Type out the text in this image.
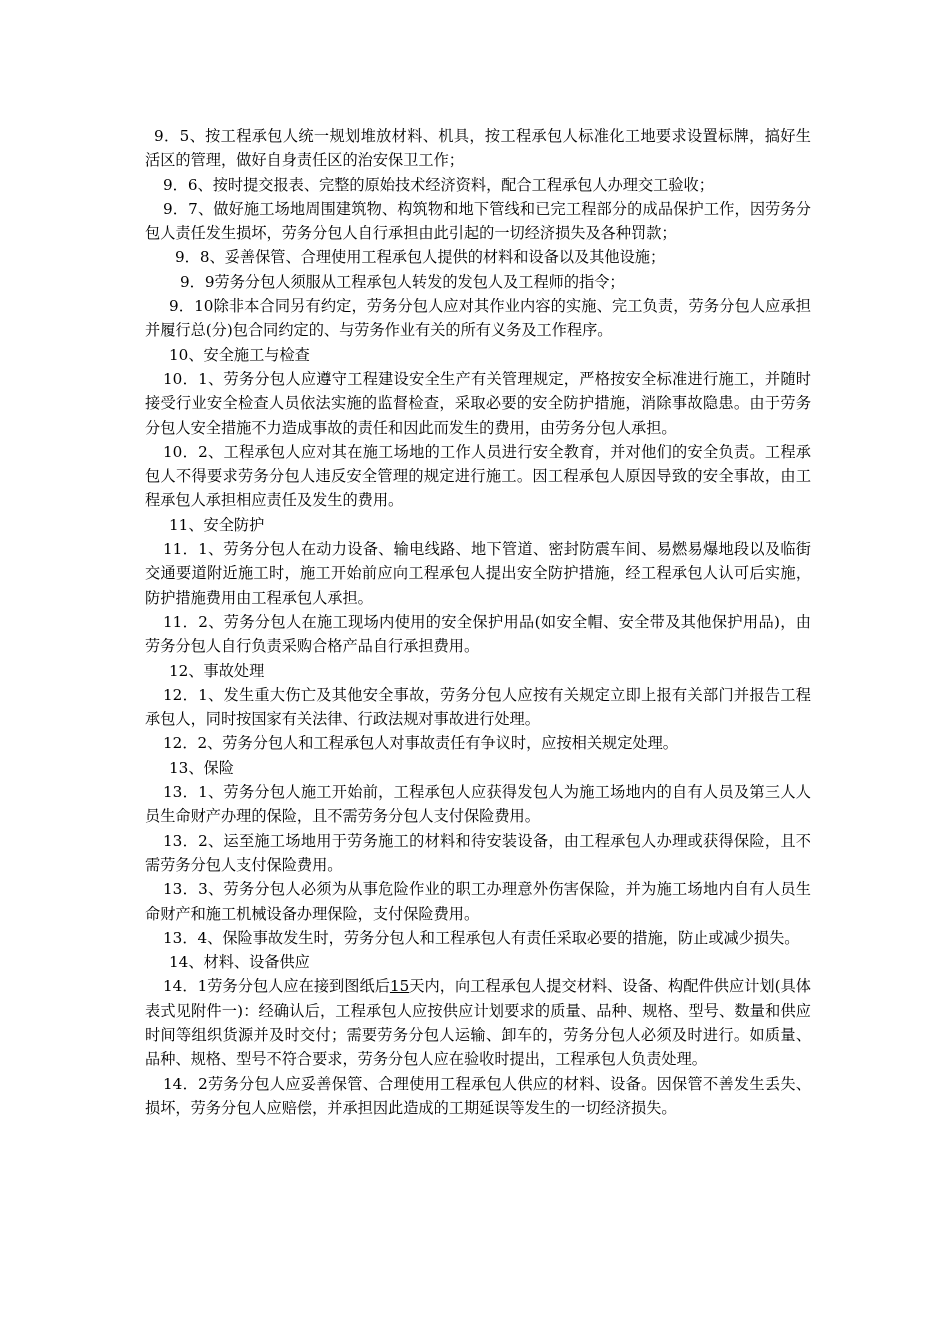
9．5、按工程承包人统一规划堆放材料、机具，按工程承包人标准化工地要求设置标牌，搞好生活区的管理，做好自身责任区的治安保卫工作；

9．6、按时提交报表、完整的原始技术经济资料，配合工程承包人办理交工验收；

9．7、做好施工场地周围建筑物、构筑物和地下管线和已完工程部分的成品保护工作，因劳务分包人责任发生损坏，劳务分包人自行承担由此引起的一切经济损失及各种罚款；

9．8、妥善保管、合理使用工程承包人提供的材料和设备以及其他设施；

9．9劳务分包人须服从工程承包人转发的发包人及工程师的指令；

9．10除非本合同另有约定，劳务分包人应对其作业内容的实施、完工负责，劳务分包人应承担并履行总(分)包合同约定的、与劳务作业有关的所有义务及工作程序。

10、安全施工与检查

10．1、劳务分包人应遵守工程建设安全生产有关管理规定，严格按安全标准进行施工，并随时接受行业安全检查人员依法实施的监督检查，采取必要的安全防护措施，消除事故隐患。由于劳务分包人安全措施不力造成事故的责任和因此而发生的费用，由劳务分包人承担。

10．2、工程承包人应对其在施工场地的工作人员进行安全教育，并对他们的安全负责。工程承包人不得要求劳务分包人违反安全管理的规定进行施工。因工程承包人原因导致的安全事故，由工程承包人承担相应责任及发生的费用。

11、安全防护

11．1、劳务分包人在动力设备、输电线路、地下管道、密封防震车间、易燃易爆地段以及临街交通要道附近施工时，施工开始前应向工程承包人提出安全防护措施，经工程承包人认可后实施，防护措施费用由工程承包人承担。

11．2、劳务分包人在施工现场内使用的安全保护用品(如安全帽、安全带及其他保护用品)，由劳务分包人自行负责采购合格产品自行承担费用。

12、事故处理

12．1、发生重大伤亡及其他安全事故，劳务分包人应按有关规定立即上报有关部门并报告工程承包人，同时按国家有关法律、行政法规对事故进行处理。

12．2、劳务分包人和工程承包人对事故责任有争议时，应按相关规定处理。

13、保险

13．1、劳务分包人施工开始前，工程承包人应获得发包人为施工场地内的自有人员及第三人人员生命财产办理的保险，且不需劳务分包人支付保险费用。

13．2、运至施工场地用于劳务施工的材料和待安装设备，由工程承包人办理或获得保险，且不需劳务分包人支付保险费用。

13．3、劳务分包人必须为从事危险作业的职工办理意外伤害保险，并为施工场地内自有人员生命财产和施工机械设备办理保险，支付保险费用。

13．4、保险事故发生时，劳务分包人和工程承包人有责任采取必要的措施，防止或减少损失。

14、材料、设备供应

14．1劳务分包人应在接到图纸后15天内，向工程承包人提交材料、设备、构配件供应计划(具体表式见附件一)：经确认后，工程承包人应按供应计划要求的质量、品种、规格、型号、数量和供应时间等组织货源并及时交付；需要劳务分包人运输、卸车的，劳务分包人必须及时进行。如质量、品种、规格、型号不符合要求，劳务分包人应在验收时提出，工程承包人负责处理。

14．2劳务分包人应妥善保管、合理使用工程承包人供应的材料、设备。因保管不善发生丢失、损坏，劳务分包人应赔偿，并承担因此造成的工期延误等发生的一切经济损失。
